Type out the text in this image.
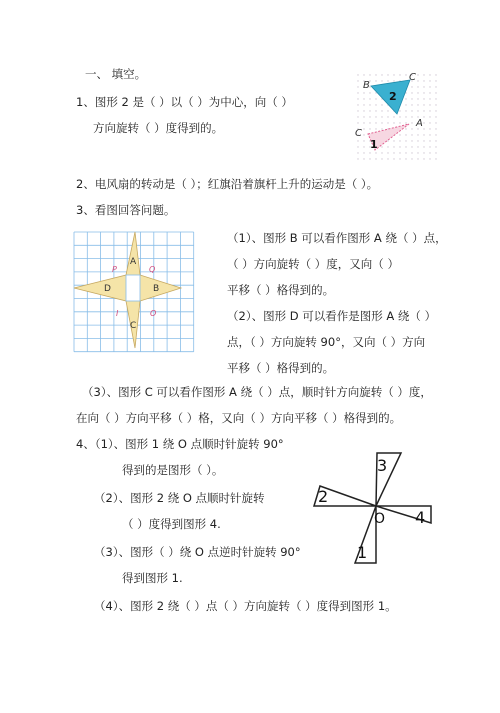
一、 填空。
1、图形 2 是（ ）以（ ）为中心，向（ ）
方向旋转（ ）度得到的。
B
C
2
A
C
1
2、电风扇的转动是（ ）；红旗沿着旗杆上升的运动是（ ）。
3、看图回答问题。
A
B
C
D
P	Q
I	O
（1）、图形 B 可以看作图形 A 绕（ ）点，
（ ）方向旋转（ ）度，又向（ ）
平移（ ）格得到的。
（2）、图形 D 可以看作是图形 A 绕（ ）
点，（ ）方向旋转 90°，又向（ ）方向
平移（ ）格得到的。
（3）、图形 C 可以看作图形 A 绕（ ）点，顺时针方向旋转（ ）度，
在向（ ）方向平移（ ）格，又向（ ）方向平移（ ）格得到的。
4、（1）、图形 1 绕 O 点顺时针旋转 90°
得到的是图形（ ）。
（2）、图形 2 绕 O 点顺时针旋转
（ ）度得到图形 4.
（3）、图形（ ）绕 O 点逆时针旋转 90°
得到图形 1.
（4）、图形 2 绕（ ）点（ ）方向旋转（ ）度得到图形 1。
3
2
4
1
O
